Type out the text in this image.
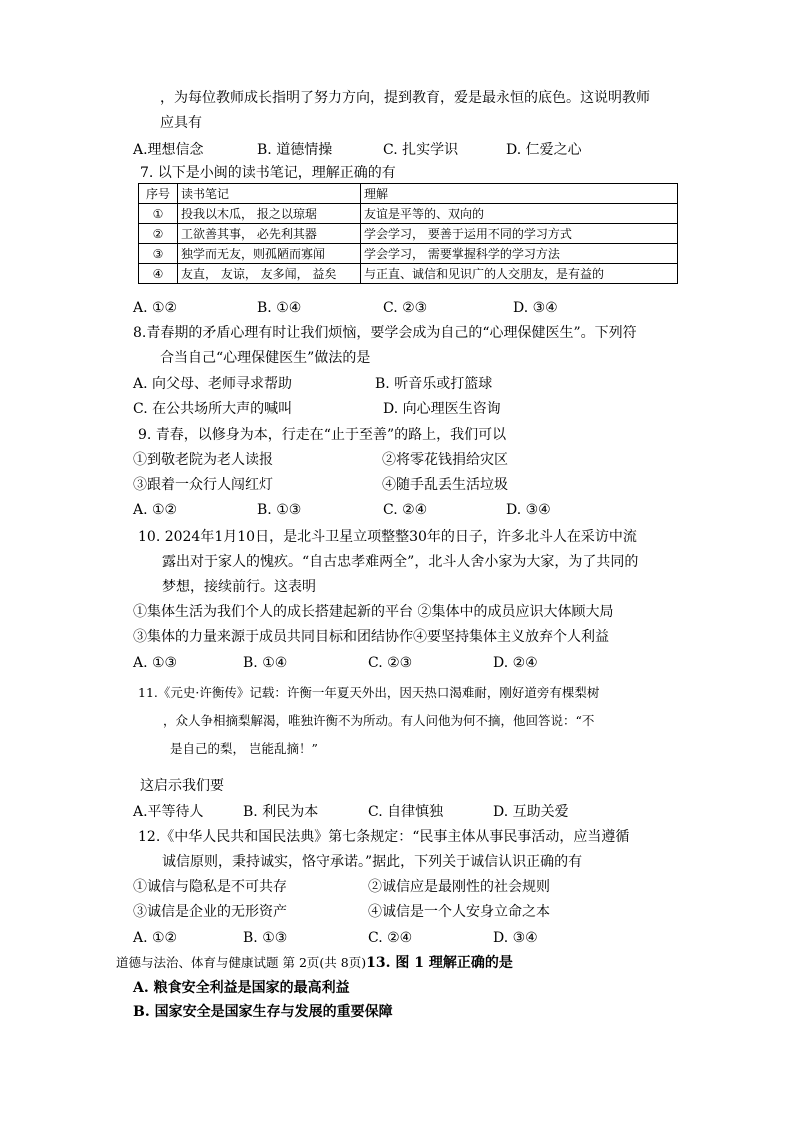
，为每位教师成长指明了努力方向，提到教育，爱是最永恒的底色。这说明教师
应具有
A.理想信念	B. 道德情操	C. 扎实学识	D. 仁爱之心
7. 以下是小闽的读书笔记，理解正确的有
序号	读书笔记	理解
①	投我以木瓜， 报之以琼琚	友谊是平等的、双向的
②	工欲善其事， 必先利其器	学会学习， 要善于运用不同的学习方式
③	独学而无友，则孤陋而寡闻	学会学习， 需要掌握科学的学习方法
④	友直， 友谅， 友多闻， 益矣	与正直、诚信和见识广的人交朋友，是有益的
A. ①②	B. ①④	C. ②③	D. ③④
8.青春期的矛盾心理有时让我们烦恼，要学会成为自己的“心理保健医生”。下列符
合当自己“心理保健医生”做法的是
A. 向父母、老师寻求帮助	B. 听音乐或打篮球
C. 在公共场所大声的喊叫	D. 向心理医生咨询
9. 青春，以修身为本，行走在“止于至善”的路上，我们可以
①到敬老院为老人读报	②将零花钱捐给灾区
③跟着一众行人闯红灯	④随手乱丢生活垃圾
A. ①②	B. ①③	C. ②④	D. ③④
10. 2024年1月10日，是北斗卫星立项整整30年的日子，许多北斗人在采访中流
露出对于家人的愧疚。“自古忠孝难两全”，北斗人舍小家为大家，为了共同的
梦想，接续前行。这表明
①集体生活为我们个人的成长搭建起新的平台 ②集体中的成员应识大体顾大局
③集体的力量来源于成员共同目标和团结协作④要坚持集体主义放弃个人利益
A. ①③	B. ①④	C. ②③	D. ②④
11.《元史·许衡传》记载：许衡一年夏天外出，因天热口渴难耐，刚好道旁有棵梨树
，众人争相摘梨解渴，唯独许衡不为所动。有人问他为何不摘，他回答说：“不
是自己的梨， 岂能乱摘！”
这启示我们要
A.平等待人	B. 利民为本	C. 自律慎独	D. 互助关爱
12.《中华人民共和国民法典》第七条规定：“民事主体从事民事活动，应当遵循
诚信原则，秉持诚实，恪守承诺。”据此，下列关于诚信认识正确的有
①诚信与隐私是不可共存	②诚信应是最刚性的社会规则
③诚信是企业的无形资产	④诚信是一个人安身立命之本
A. ①②	B. ①③	C. ②④	D. ③④
道德与法治、体育与健康试题 第 2页(共 8页)13. 图 1 理解正确的是
A. 粮食安全利益是国家的最高利益
B. 国家安全是国家生存与发展的重要保障
